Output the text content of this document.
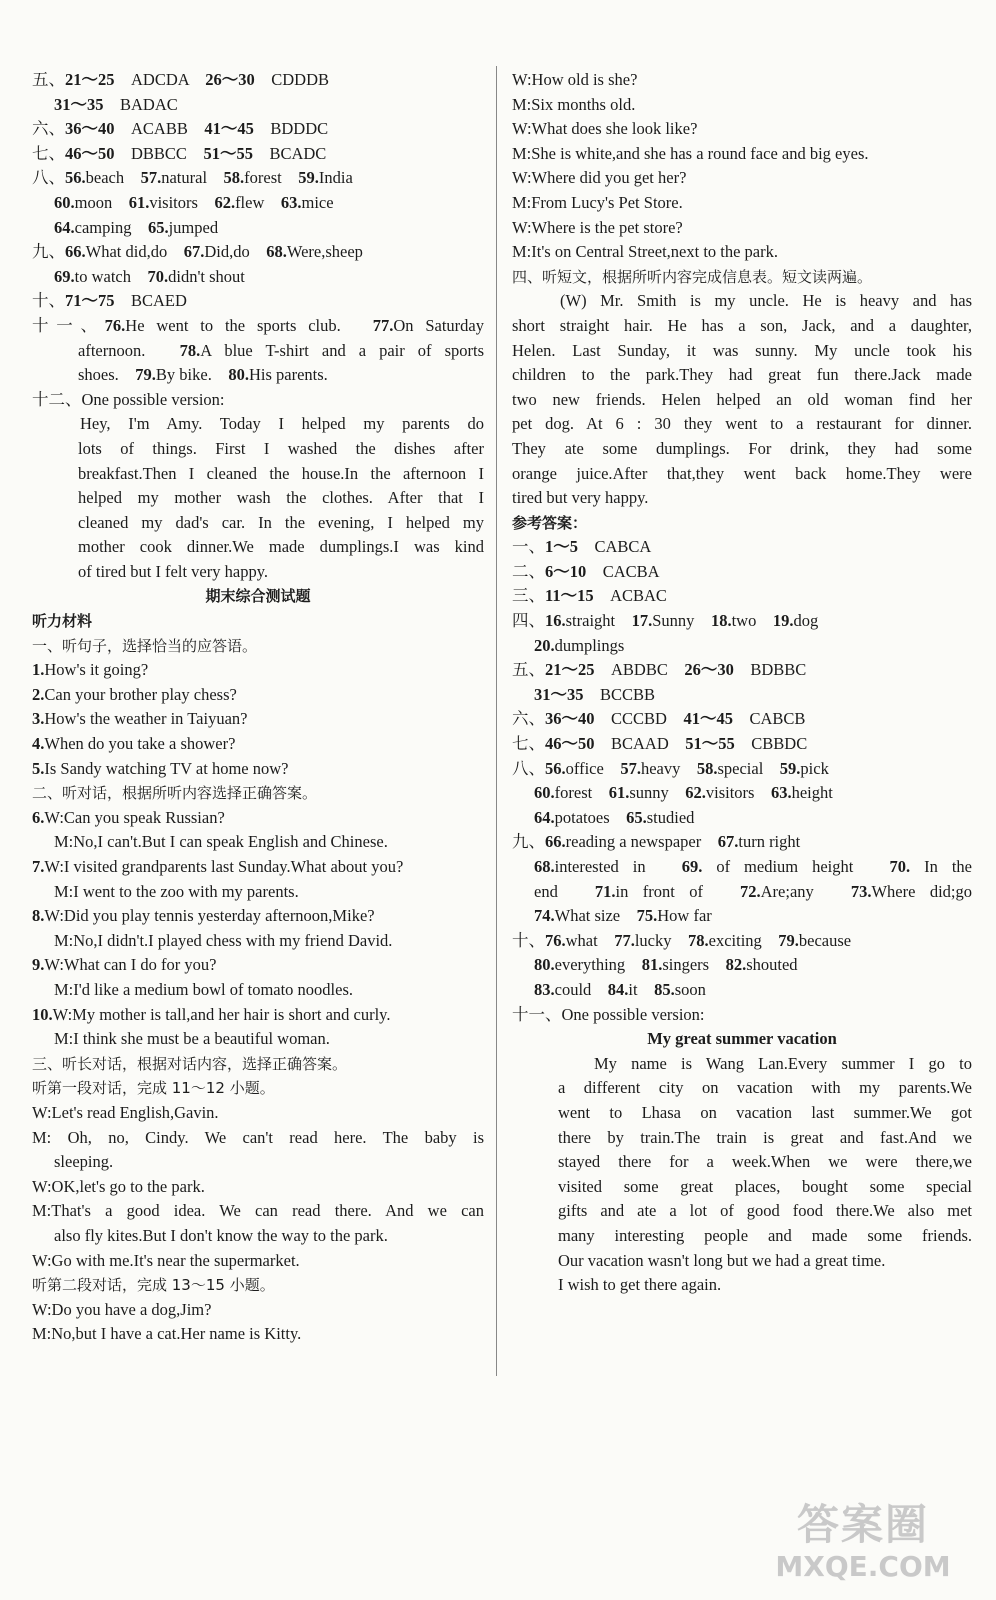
五、21～25　ADCDA　26～30　CDDDB
31～35　BADAC
六、36～40　ACABB　41～45　BDDDC
七、46～50　DBBCC　51～55　BCADC
八、56.beach　57.natural　58.forest　59.India
60.moon　61.visitors　62.flew　63.mice
64.camping　65.jumped
九、66.What did,do　67.Did,do　68.Were,sheep
69.to watch　70.didn't shout
十、71～75　BCAED
十一、76.He went to the sports club.　77.On Saturday
afternoon.　78.A blue T-shirt and a pair of sports
shoes.　79.By bike.　80.His parents.
十二、One possible version:
Hey, I'm Amy. Today I helped my parents do
lots of things. First I washed the dishes after
breakfast.Then I cleaned the house.In the afternoon I
helped my mother wash the clothes. After that I
cleaned my dad's car. In the evening, I helped my
mother cook dinner.We made dumplings.I was kind
of tired but I felt very happy.
期末综合测试题
听力材料
一、听句子，选择恰当的应答语。
1.How's it going?
2.Can your brother play chess?
3.How's the weather in Taiyuan?
4.When do you take a shower?
5.Is Sandy watching TV at home now?
二、听对话，根据所听内容选择正确答案。
6.W:Can you speak Russian?
M:No,I can't.But I can speak English and Chinese.
7.W:I visited grandparents last Sunday.What about you?
M:I went to the zoo with my parents.
8.W:Did you play tennis yesterday afternoon,Mike?
M:No,I didn't.I played chess with my friend David.
9.W:What can I do for you?
M:I'd like a medium bowl of tomato noodles.
10.W:My mother is tall,and her hair is short and curly.
M:I think she must be a beautiful woman.
三、听长对话，根据对话内容，选择正确答案。
听第一段对话，完成 11～12 小题。
W:Let's read English,Gavin.
M: Oh, no, Cindy. We can't read here. The baby is
sleeping.
W:OK,let's go to the park.
M:That's a good idea. We can read there. And we can
also fly kites.But I don't know the way to the park.
W:Go with me.It's near the supermarket.
听第二段对话，完成 13～15 小题。
W:Do you have a dog,Jim?
M:No,but I have a cat.Her name is Kitty.
W:How old is she?
M:Six months old.
W:What does she look like?
M:She is white,and she has a round face and big eyes.
W:Where did you get her?
M:From Lucy's Pet Store.
W:Where is the pet store?
M:It's on Central Street,next to the park.
四、听短文，根据所听内容完成信息表。短文读两遍。
(W) Mr. Smith is my uncle. He is heavy and has
short straight hair. He has a son, Jack, and a daughter,
Helen. Last Sunday, it was sunny. My uncle took his
children to the park.They had great fun there.Jack made
two new friends. Helen helped an old woman find her
pet dog. At 6 : 30 they went to a restaurant for dinner.
They ate some dumplings. For drink, they had some
orange juice.After that,they went back home.They were
tired but very happy.
参考答案：
一、1～5　CABCA
二、6～10　CACBA
三、11～15　ACBAC
四、16.straight　17.Sunny　18.two　19.dog
20.dumplings
五、21～25　ABDBC　26～30　BDBBC
31～35　BCCBB
六、36～40　CCCBD　41～45　CABCB
七、46～50　BCAAD　51～55　CBBDC
八、56.office　57.heavy　58.special　59.pick
60.forest　61.sunny　62.visitors　63.height
64.potatoes　65.studied
九、66.reading a newspaper　67.turn right
68.interested in　69. of medium height　70. In the
end　71.in front of　72.Are;any　73.Where did;go
74.What size　75.How far
十、76.what　77.lucky　78.exciting　79.because
80.everything　81.singers　82.shouted
83.could　84.it　85.soon
十一、One possible version:
My great summer vacation
My name is Wang Lan.Every summer I go to
a different city on vacation with my parents.We
went to Lhasa on vacation last summer.We got
there by train.The train is great and fast.And we
stayed there for a week.When we were there,we
visited some great places, bought some special
gifts and ate a lot of good food there.We also met
many interesting people and made some friends.
Our vacation wasn't long but we had a great time.
I wish to get there again.
答案圈
MXQE.COM
